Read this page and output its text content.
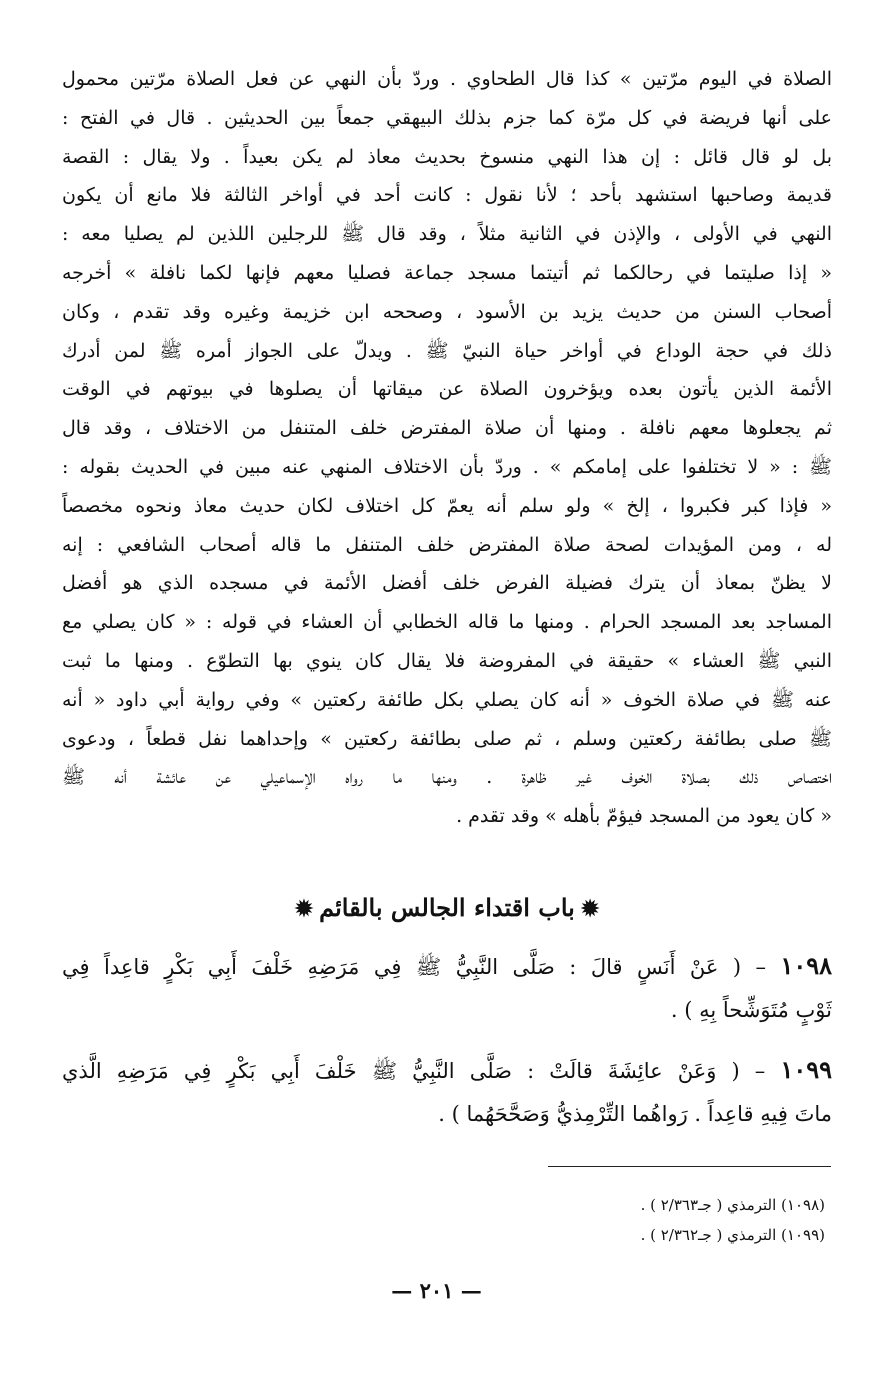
الصلاة في اليوم مرّتين » كذا قال الطحاوي . وردّ بأن النهي عن فعل الصلاة مرّتين محمول
على أنها فريضة في كل مرّة كما جزم بذلك البيهقي جمعاً بين الحديثين . قال في الفتح :
بل لو قال قائل : إن هذا النهي منسوخ بحديث معاذ لم يكن بعيداً . ولا يقال : القصة
قديمة وصاحبها استشهد بأحد ؛ لأنا نقول : كانت أحد في أواخر الثالثة فلا مانع أن يكون
النهي في الأولى ، والإذن في الثانية مثلاً ، وقد قال ﷺ للرجلين اللذين لم يصليا معه :
« إذا صليتما في رحالكما ثم أتيتما مسجد جماعة فصليا معهم فإنها لكما نافلة » أخرجه
أصحاب السنن من حديث يزيد بن الأسود ، وصححه ابن خزيمة وغيره وقد تقدم ، وكان
ذلك في حجة الوداع في أواخر حياة النبيّ ﷺ . ويدلّ على الجواز أمره ﷺ لمن أدرك
الأئمة الذين يأتون بعده ويؤخرون الصلاة عن ميقاتها أن يصلوها في بيوتهم في الوقت
ثم يجعلوها معهم نافلة . ومنها أن صلاة المفترض خلف المتنفل من الاختلاف ، وقد قال
ﷺ : « لا تختلفوا على إمامكم » . وردّ بأن الاختلاف المنهي عنه مبين في الحديث بقوله :
« فإذا كبر فكبروا ، إلخ » ولو سلم أنه يعمّ كل اختلاف لكان حديث معاذ ونحوه مخصصاً
له ، ومن المؤيدات لصحة صلاة المفترض خلف المتنفل ما قاله أصحاب الشافعي : إنه
لا يظنّ بمعاذ أن يترك فضيلة الفرض خلف أفضل الأئمة في مسجده الذي هو أفضل
المساجد بعد المسجد الحرام . ومنها ما قاله الخطابي أن العشاء في قوله : « كان يصلي مع
النبي ﷺ العشاء » حقيقة في المفروضة فلا يقال كان ينوي بها التطوّع . ومنها ما ثبت
عنه ﷺ في صلاة الخوف « أنه كان يصلي بكل طائفة ركعتين » وفي رواية أبي داود « أنه
ﷺ صلى بطائفة ركعتين وسلم ، ثم صلى بطائفة ركعتين » وإحداهما نفل قطعاً ، ودعوى
اختصاص ذلك بصلاة الخوف غير ظاهرة . ومنها ما رواه الإسماعيلي عن عائشة أنه ﷺ
« كان يعود من المسجد فيؤمّ بأهله » وقد تقدم .
✹باب اقتداء الجالس بالقائم✹
١٠٩٨ – ( عَنْ أَنَسٍ قالَ : صَلَّى النَّبِيُّ ﷺ فِي مَرَضِهِ خَلْفَ أَبِي بَكْرٍ قاعِداً فِي
ثَوْبٍ مُتَوَشِّحاً بِهِ ) .
١٠٩٩ – ( وَعَنْ عائِشَةَ قالَتْ : صَلَّى النَّبِيُّ ﷺ خَلْفَ أَبِي بَكْرٍ فِي مَرَضِهِ الَّذي
ماتَ فِيهِ قاعِداً . رَواهُما التِّرْمِذيُّ وَصَحَّحَهُما ) .
(١٠٩٨) الترمذي ( جـ٢/٣٦٣ ) .
(١٠٩٩) الترمذي ( جـ٢/٣٦٢ ) .
— ٢٠١ —
